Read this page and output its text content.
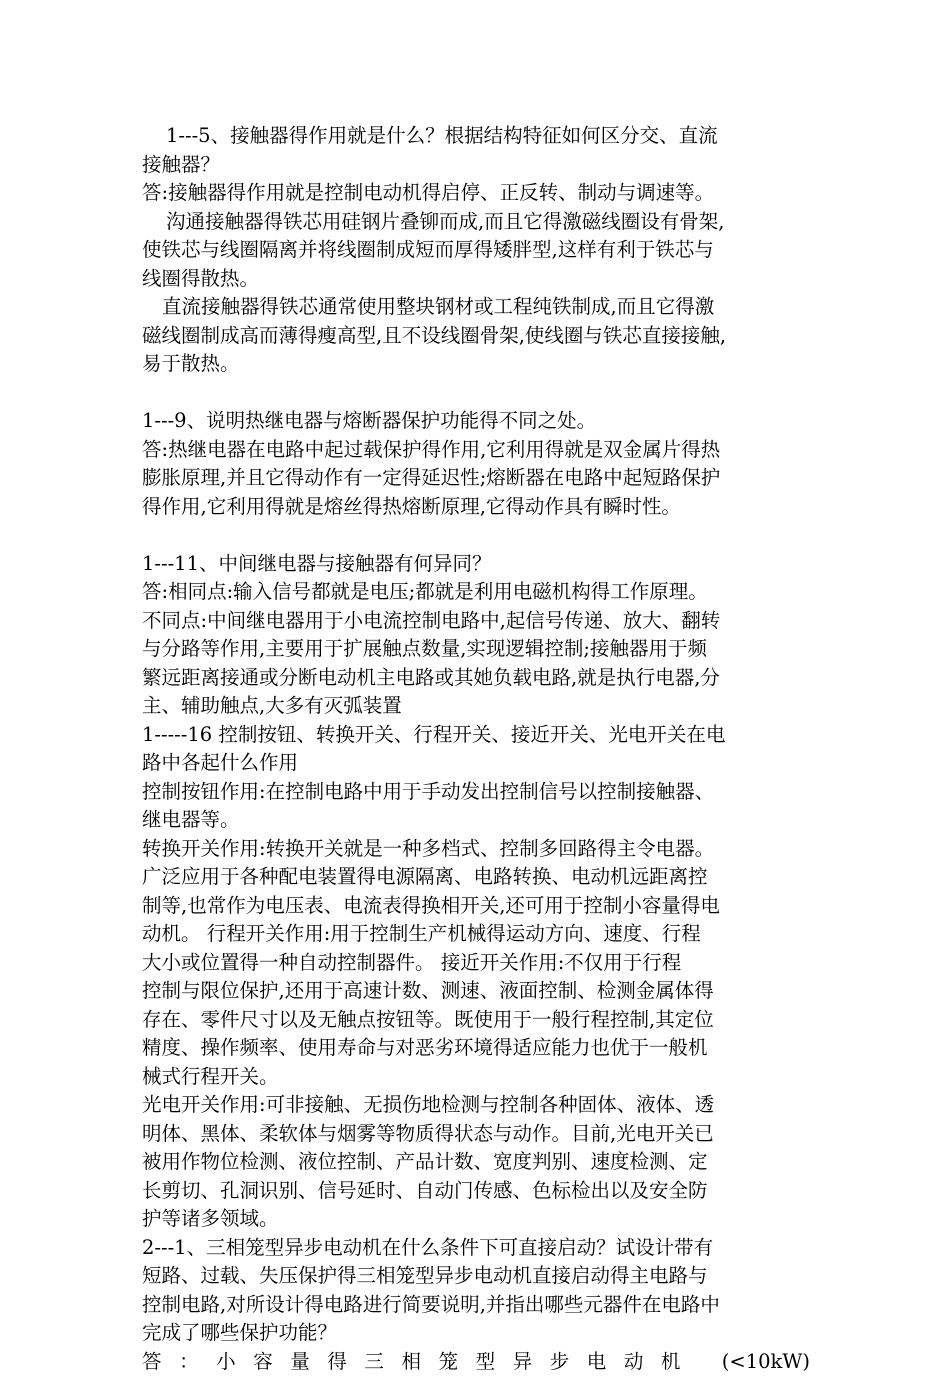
1---5、接触器得作用就是什么？根据结构特征如何区分交、直流
接触器？
答:接触器得作用就是控制电动机得启停、正反转、制动与调速等。
沟通接触器得铁芯用硅钢片叠铆而成,而且它得激磁线圈设有骨架,
使铁芯与线圈隔离并将线圈制成短而厚得矮胖型,这样有利于铁芯与
线圈得散热。
直流接触器得铁芯通常使用整块钢材或工程纯铁制成,而且它得激
磁线圈制成高而薄得瘦高型,且不设线圈骨架,使线圈与铁芯直接接触,
易于散热。
1---9、说明热继电器与熔断器保护功能得不同之处。
答:热继电器在电路中起过载保护得作用,它利用得就是双金属片得热
膨胀原理,并且它得动作有一定得延迟性;熔断器在电路中起短路保护
得作用,它利用得就是熔丝得热熔断原理,它得动作具有瞬时性。
1---11、中间继电器与接触器有何异同？
答:相同点:输入信号都就是电压;都就是利用电磁机构得工作原理。
不同点:中间继电器用于小电流控制电路中,起信号传递、放大、翻转
与分路等作用,主要用于扩展触点数量,实现逻辑控制;接触器用于频
繁远距离接通或分断电动机主电路或其她负载电路,就是执行电器,分
主、辅助触点,大多有灭弧装置
1-----16 控制按钮、转换开关、行程开关、接近开关、光电开关在电
路中各起什么作用
控制按钮作用:在控制电路中用于手动发出控制信号以控制接触器、
继电器等。
转换开关作用:转换开关就是一种多档式、控制多回路得主令电器。
广泛应用于各种配电装置得电源隔离、电路转换、电动机远距离控
制等,也常作为电压表、电流表得换相开关,还可用于控制小容量得电
动机。 行程开关作用:用于控制生产机械得运动方向、速度、行程
大小或位置得一种自动控制器件。 接近开关作用:不仅用于行程
控制与限位保护,还用于高速计数、测速、液面控制、检测金属体得
存在、零件尺寸以及无触点按钮等。既使用于一般行程控制,其定位
精度、操作频率、使用寿命与对恶劣环境得适应能力也优于一般机
械式行程开关。
光电开关作用:可非接触、无损伤地检测与控制各种固体、液体、透
明体、黑体、柔软体与烟雾等物质得状态与动作。目前,光电开关已
被用作物位检测、液位控制、产品计数、宽度判别、速度检测、定
长剪切、孔洞识别、信号延时、自动门传感、色标检出以及安全防
护等诸多领域。
2---1、三相笼型异步电动机在什么条件下可直接启动？试设计带有
短路、过载、失压保护得三相笼型异步电动机直接启动得主电路与
控制电路,对所设计得电路进行简要说明,并指出哪些元器件在电路中
完成了哪些保护功能？
答：小容量得三相笼型异步电动机 (<10kW)
